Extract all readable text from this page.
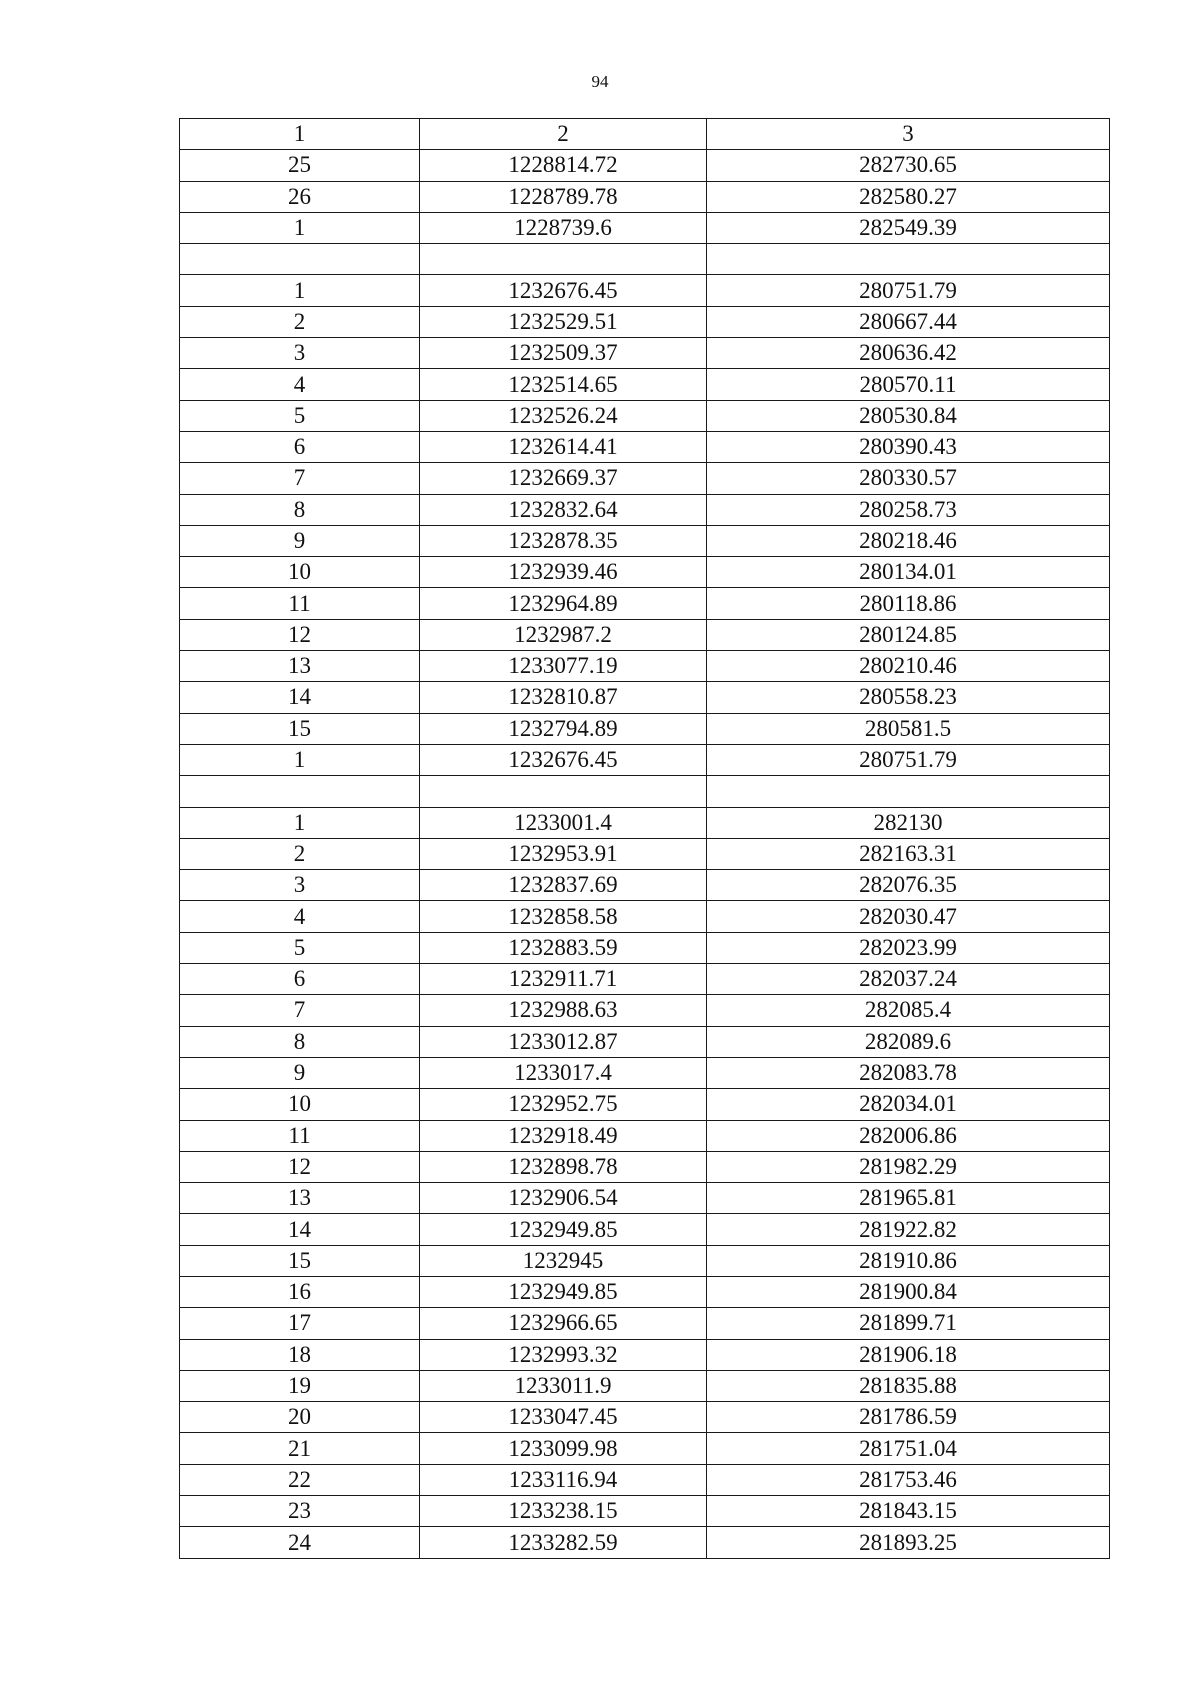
94
1	2	3
25	1228814.72	282730.65
26	1228789.78	282580.27
1	1228739.6	282549.39

1	1232676.45	280751.79
2	1232529.51	280667.44
3	1232509.37	280636.42
4	1232514.65	280570.11
5	1232526.24	280530.84
6	1232614.41	280390.43
7	1232669.37	280330.57
8	1232832.64	280258.73
9	1232878.35	280218.46
10	1232939.46	280134.01
11	1232964.89	280118.86
12	1232987.2	280124.85
13	1233077.19	280210.46
14	1232810.87	280558.23
15	1232794.89	280581.5
1	1232676.45	280751.79

1	1233001.4	282130
2	1232953.91	282163.31
3	1232837.69	282076.35
4	1232858.58	282030.47
5	1232883.59	282023.99
6	1232911.71	282037.24
7	1232988.63	282085.4
8	1233012.87	282089.6
9	1233017.4	282083.78
10	1232952.75	282034.01
11	1232918.49	282006.86
12	1232898.78	281982.29
13	1232906.54	281965.81
14	1232949.85	281922.82
15	1232945	281910.86
16	1232949.85	281900.84
17	1232966.65	281899.71
18	1232993.32	281906.18
19	1233011.9	281835.88
20	1233047.45	281786.59
21	1233099.98	281751.04
22	1233116.94	281753.46
23	1233238.15	281843.15
24	1233282.59	281893.25
